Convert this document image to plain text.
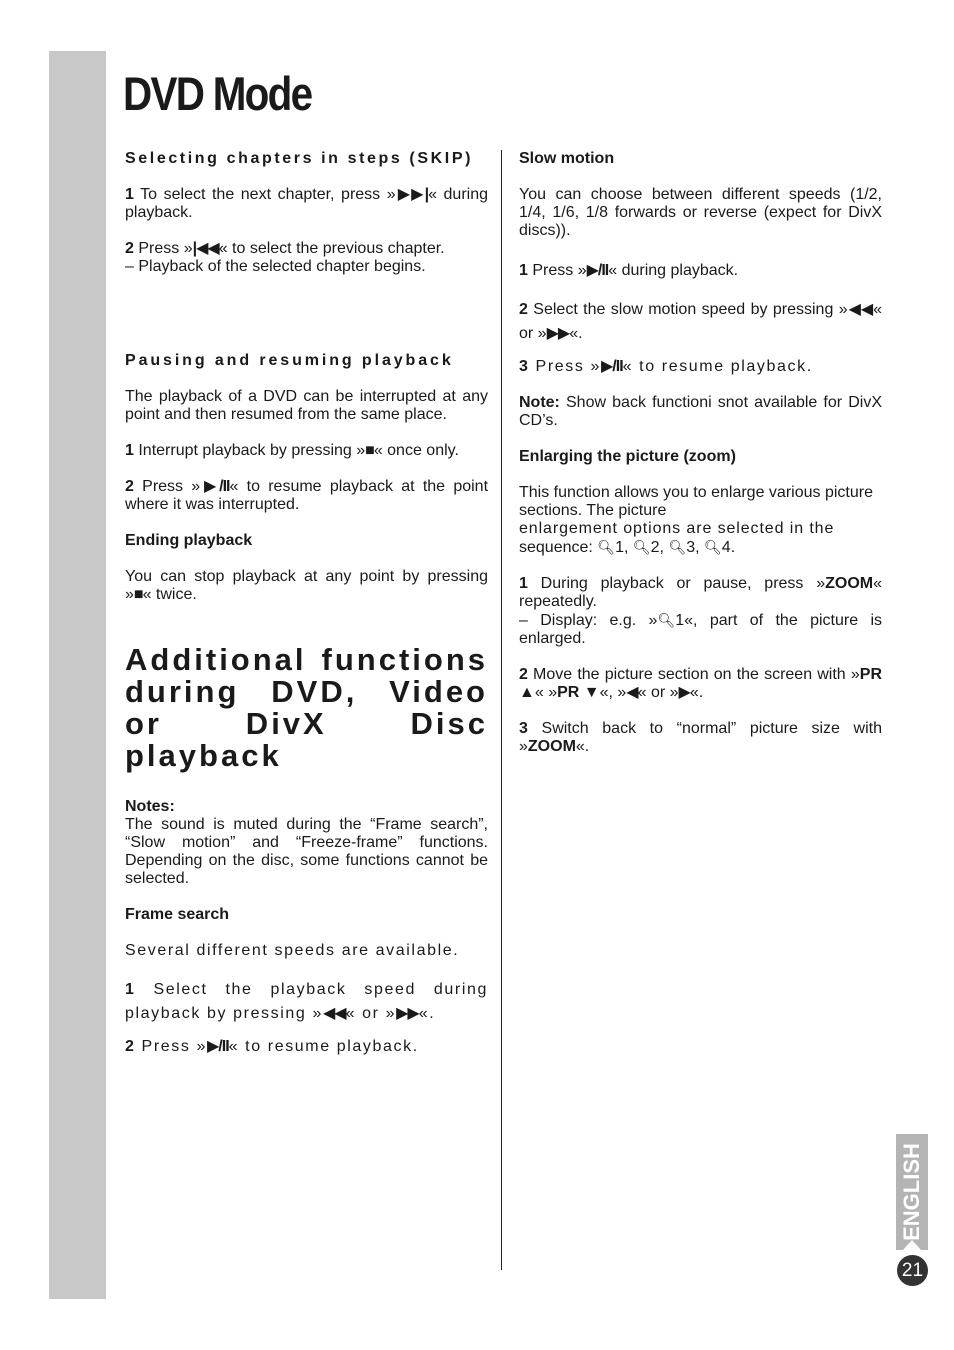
DVD Mode
Selecting chapters in steps (SKIP)

1 To select the next chapter, press »▶▶|« during playback.

2 Press »|◀◀« to select the previous chapter.

– Playback of the selected chapter begins.

Pausing and resuming playback

The playback of a DVD can be interrupted at any point and then resumed from the same place.

1 Interrupt playback by pressing »■« once only.

2 Press »▶/II« to resume playback at the point where it was interrupted.

Ending playback

You can stop playback at any point by pressing »■« twice.

Additional functions during DVD, Video or DivX Disc playback
Notes:

The sound is muted during the “Frame search”, “Slow motion” and “Freeze-frame” functions. Depending on the disc, some functions cannot be selected.

Frame search

Several different speeds are available.

1 Select the playback speed during playback by pressing »◀◀« or »▶▶«.

2 Press »▶/II« to resume playback.

Slow motion

You can choose between different speeds (1/2, 1/4, 1/6, 1/8 forwards or reverse (expect for DivX discs)).

1 Press »▶/II« during playback.

2 Select the slow motion speed by pressing »◀◀« or »▶▶«.

3 Press »▶/II« to resume playback.

Note: Show back functioni snot available for DivX CD’s.

Enlarging the picture (zoom)

This function allows you to enlarge various picture sections. The picture

enlargement options are selected in the

sequence: 🔍︎1, 🔍︎2, 🔍︎3, 🔍︎4.

1 During playback or pause, press »ZOOM« repeatedly.

– Display: e.g. »🔍︎1«, part of the picture is enlarged.

2 Move the picture section on the screen with »PR ▲« »PR ▼«, »◀« or »▶«.

3 Switch back to “normal” picture size with »ZOOM«.

ENGLISH
21
